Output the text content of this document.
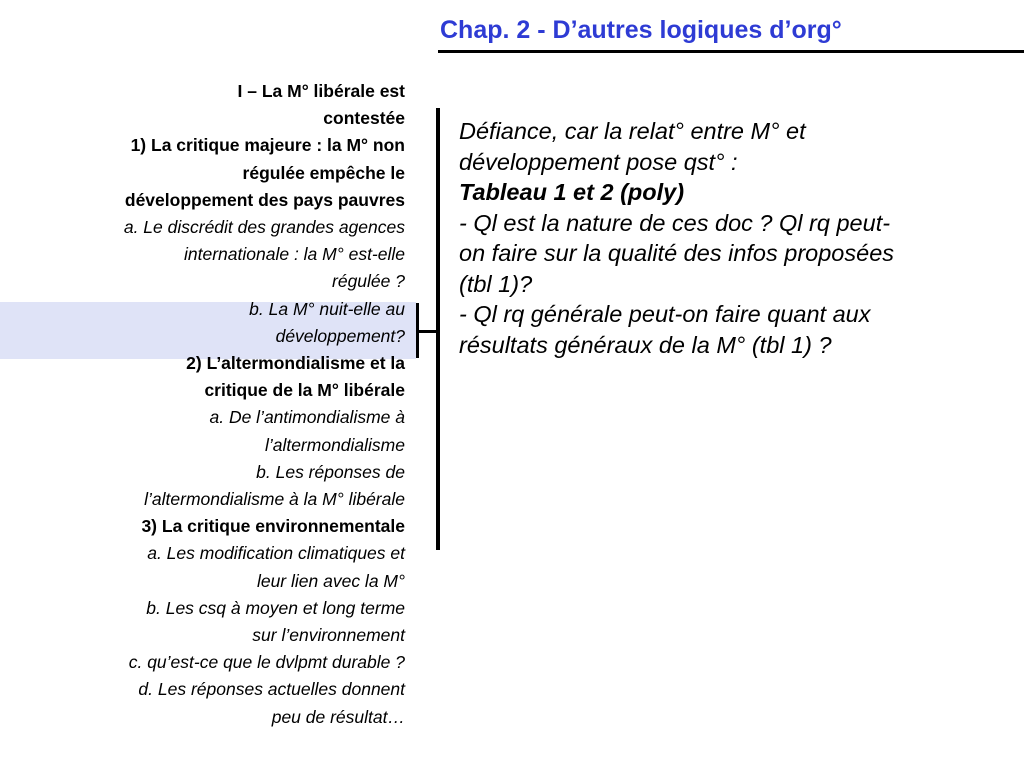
Chap. 2 - D’autres logiques d’org°
I – La M° libérale est
contestée
1) La critique majeure : la M° non
régulée empêche le
développement des pays pauvres
a. Le discrédit des grandes agences
internationale : la M° est-elle
régulée ?
b. La M° nuit-elle au
développement?
2) L’altermondialisme et la
critique de la M° libérale
a. De l’antimondialisme à
l’altermondialisme
b. Les réponses de
l’altermondialisme à la M° libérale
3) La critique environnementale
a. Les modification climatiques et
leur lien avec la M°
b. Les csq à moyen et long terme
sur l’environnement
c. qu’est-ce que le dvlpmt durable ?
d. Les réponses actuelles donnent
peu de résultat…
Défiance, car la relat° entre M° et
développement pose qst° :
Tableau 1 et 2 (poly)
- Ql est la nature de ces doc ? Ql rq peut-
on faire sur la qualité des infos proposées
(tbl 1)?
- Ql rq générale peut-on faire quant aux
résultats généraux de la M° (tbl 1) ?
